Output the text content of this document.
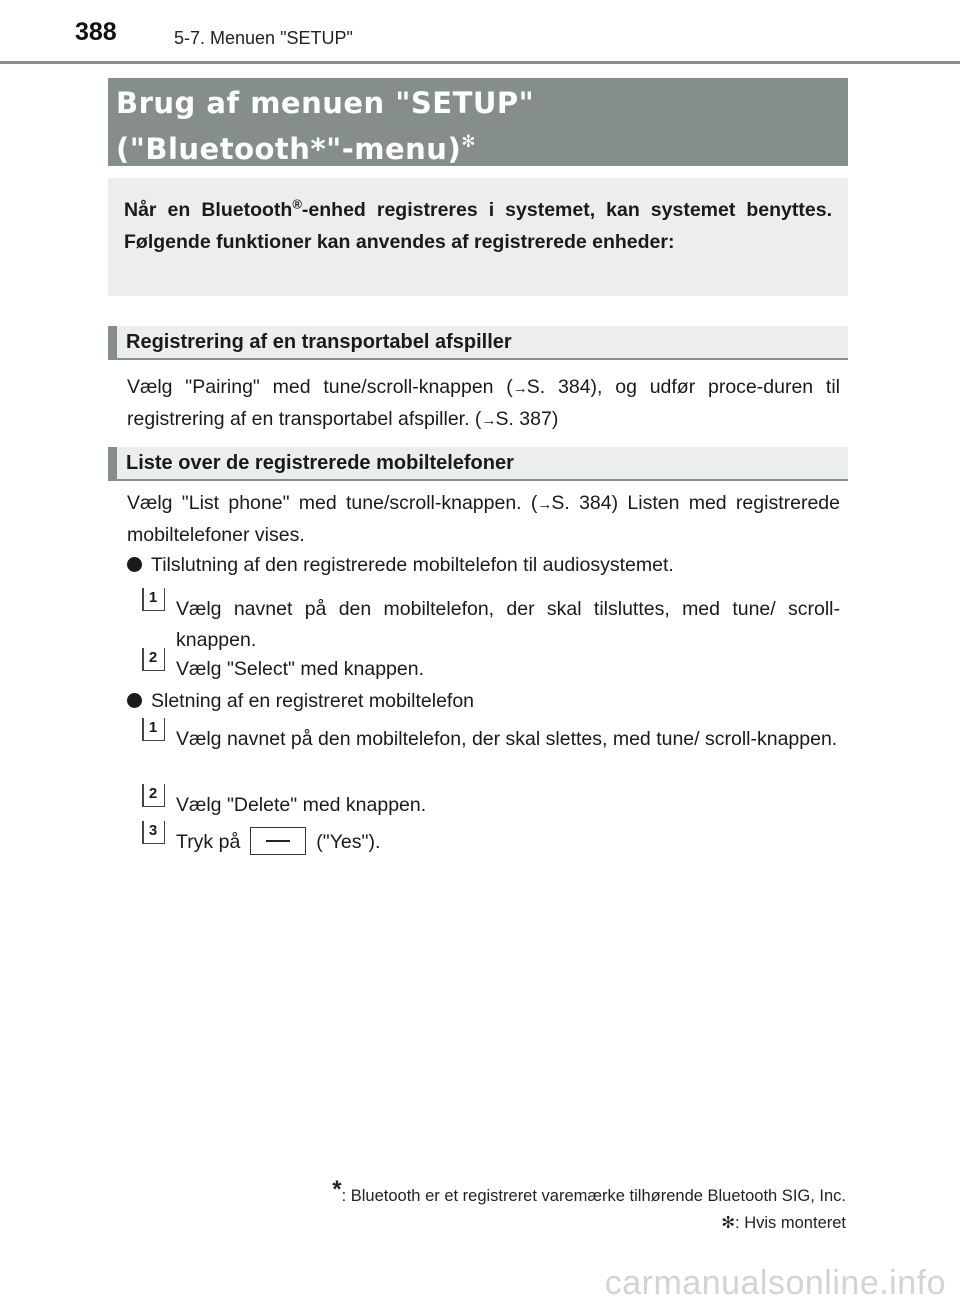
388	5-7. Menuen "SETUP"
Brug af menuen "SETUP"
("Bluetooth*"-menu)✻

Når en Bluetooth®-enhed registreres i systemet, kan systemet benyttes. Følgende funktioner kan anvendes af registrerede enheder:

Registrering af en transportabel afspiller

Vælg "Pairing" med tune/scroll-knappen (→S. 384), og udfør proce-duren til registrering af en transportabel afspiller. (→S. 387)

Liste over de registrerede mobiltelefoner

Vælg "List phone" med tune/scroll-knappen. (→S. 384) Listen med registrerede mobiltelefoner vises.

Tilslutning af den registrerede mobiltelefon til audiosystemet.
1
Vælg navnet på den mobiltelefon, der skal tilsluttes, med tune/ scroll-knappen.
2
Vælg "Select" med knappen.
Sletning af en registreret mobiltelefon
1
Vælg navnet på den mobiltelefon, der skal slettes, med tune/ scroll-knappen.
2
Vælg "Delete" med knappen.
3
Tryk på	("Yes").
*: Bluetooth er et registreret varemærke tilhørende Bluetooth SIG, Inc.
✻: Hvis monteret
carmanualsonline.info
